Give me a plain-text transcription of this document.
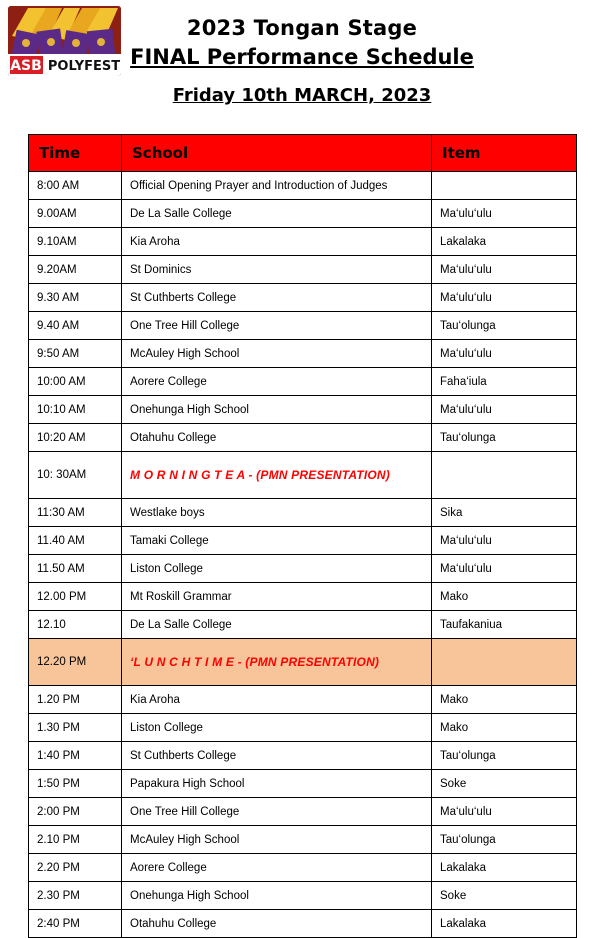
ASB POLYFEST
2023 Tongan Stage
FINAL Performance Schedule
Friday 10th MARCH, 2023
Time	School	Item
8:00 AM	Official Opening Prayer and Introduction of Judges	
9.00AM	De La Salle College	Ma‘ulu‘ulu
9.10AM	Kia Aroha	Lakalaka
9.20AM	St Dominics	Ma‘ulu‘ulu
9.30 AM	St Cuthberts College	Ma‘ulu‘ulu
9.40 AM	One Tree Hill College	Tau‘olunga
9:50 AM	McAuley High School	Ma‘ulu‘ulu
10:00 AM	Aorere College	Faha‘iula
10:10 AM	Onehunga High School	Ma‘ulu‘ulu
10:20 AM	Otahuhu College	Tau‘olunga
10: 30AM	M O R N I N G T E A - (PMN PRESENTATION)	
11:30 AM	Westlake boys	Sika
11.40 AM	Tamaki College	Ma‘ulu‘ulu
11.50 AM	Liston College	Ma‘ulu‘ulu
12.00 PM	Mt Roskill Grammar	Mako
12.10	De La Salle College	Taufakaniua
12.20 PM	‘L U N C H T I M E - (PMN PRESENTATION)	
1.20 PM	Kia Aroha	Mako
1.30 PM	Liston College	Mako
1:40 PM	St Cuthberts College	Tau‘olunga
1:50 PM	Papakura High School	Soke
2:00 PM	One Tree Hill College	Ma‘ulu‘ulu
2.10 PM	McAuley High School	Tau‘olunga
2.20 PM	Aorere College	Lakalaka
2.30 PM	Onehunga High School	Soke
2:40 PM	Otahuhu College	Lakalaka
